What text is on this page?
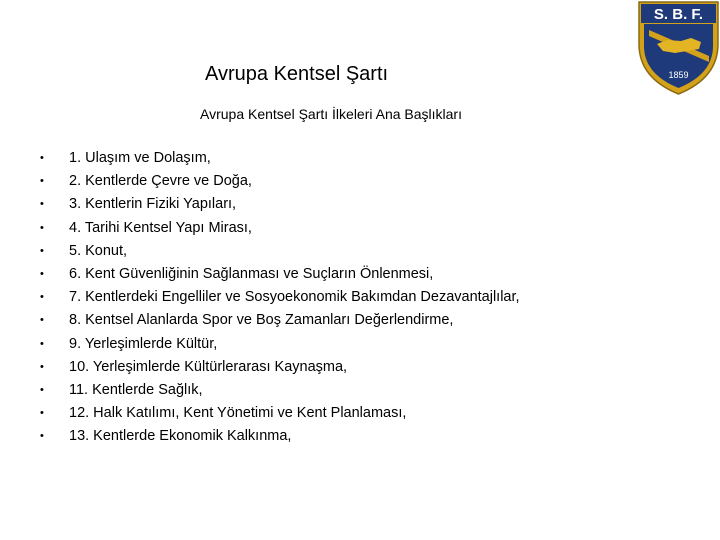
Avrupa Kentsel Şartı
S. B. F.
1859
Avrupa Kentsel Şartı İlkeleri Ana Başlıkları
•	1. Ulaşım ve Dolaşım,
•	2. Kentlerde Çevre ve Doğa,
•	3. Kentlerin Fiziki Yapıları,
•	4. Tarihi Kentsel Yapı Mirası,
•	5. Konut,
•	6. Kent Güvenliğinin Sağlanması ve Suçların Önlenmesi,
•	7. Kentlerdeki Engelliler ve Sosyoekonomik Bakımdan Dezavantajlılar,
•	8. Kentsel Alanlarda Spor ve Boş Zamanları Değerlendirme,
•	9. Yerleşimlerde Kültür,
•	10. Yerleşimlerde Kültürlerarası Kaynaşma,
•	11. Kentlerde Sağlık,
•	12. Halk Katılımı, Kent Yönetimi ve Kent Planlaması,
•	13. Kentlerde Ekonomik Kalkınma,
